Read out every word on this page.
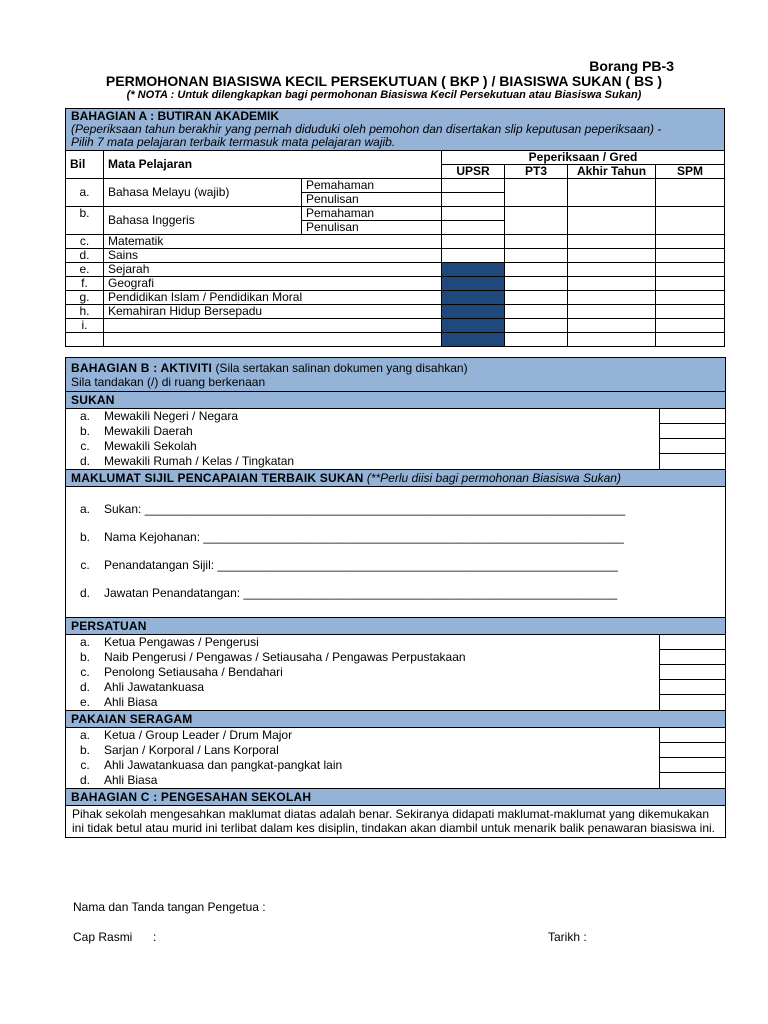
Borang PB-3
PERMOHONAN BIASISWA KECIL PERSEKUTUAN ( BKP ) / BIASISWA SUKAN ( BS )
(* NOTA : Untuk dilengkapkan bagi permohonan Biasiswa Kecil Persekutuan atau Biasiswa Sukan)
BAHAGIAN A : BUTIRAN AKADEMIK
(Peperiksaan tahun berakhir yang pernah diduduki oleh pemohon dan disertakan slip keputusan peperiksaan) -
Pilih 7 mata pelajaran terbaik termasuk mata pelajaran wajib.						

Bil	Mata Pelajaran		Peperiksaan / Gred			
			UPSR	PT3	Akhir Tahun	SPM
a.	Bahasa Melayu (wajib)	Pemahaman				
		Penulisan				
b.	Bahasa Inggeris	Pemahaman				
		Penulisan				
c.	Matematik					
d.	Sains					
e.	Sejarah					
f.	Geografi					
g.	Pendidikan Islam / Pendidikan Moral					
h.	Kemahiran Hidup Bersepadu					
i.						

BAHAGIAN B : AKTIVITI (Sila sertakan salinan dokumen yang disahkan)
Sila tandakan (/) di ruang berkenaan
SUKAN
a.	Mewakili Negeri / Negara
b.	Mewakili Daerah
c.	Mewakili Sekolah
d.	Mewakili Rumah / Kelas / Tingkatan
MAKLUMAT SIJIL PENCAPAIAN TERBAIK SUKAN (**Perlu diisi bagi permohonan Biasiswa Sukan)
a.	Sukan: ________________________________________________________________________
b.	Nama Kejohanan: _______________________________________________________________
c.	Penandatangan Sijil: ____________________________________________________________
d.	Jawatan Penandatangan: ________________________________________________________
PERSATUAN
a.	Ketua Pengawas / Pengerusi
b.	Naib Pengerusi / Pengawas / Setiausaha / Pengawas Perpustakaan
c.	Penolong Setiausaha / Bendahari
d.	Ahli Jawatankuasa
e.	Ahli Biasa
PAKAIAN SERAGAM
a.	Ketua / Group Leader / Drum Major
b.	Sarjan / Korporal / Lans Korporal
c.	Ahli Jawatankuasa dan pangkat-pangkat lain
d.	Ahli Biasa
BAHAGIAN C : PENGESAHAN SEKOLAH
Pihak sekolah mengesahkan maklumat diatas adalah benar. Sekiranya didapati maklumat-maklumat yang dikemukakan ini tidak betul atau murid ini terlibat dalam kes disiplin, tindakan akan diambil untuk menarik balik penawaran biasiswa ini.
Nama dan Tanda tangan Pengetua :
Cap Rasmi :	Tarikh :
